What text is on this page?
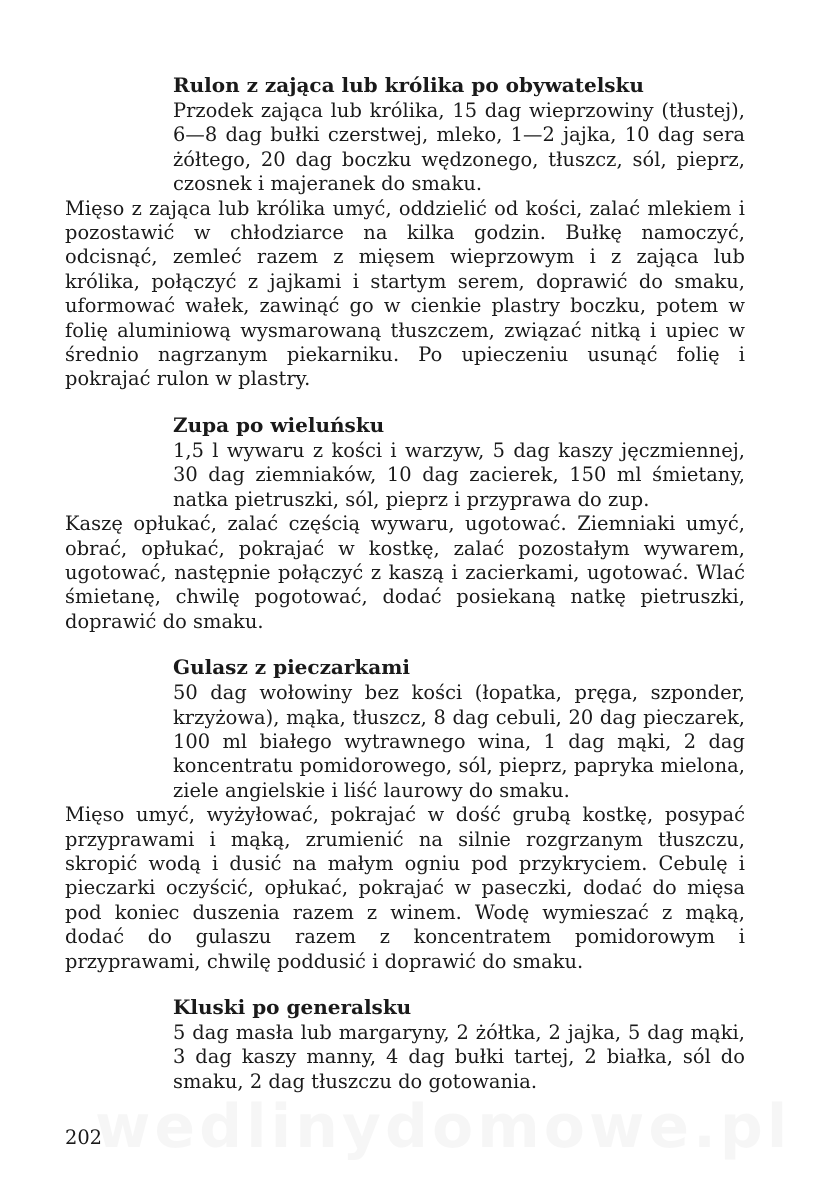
Rulon z zająca lub królika po obywatelsku

Przodek zająca lub królika, 15 dag wieprzowiny (tłustej), 6—8 dag bułki czerstwej, mleko, 1—2 jajka, 10 dag sera żółtego, 20 dag boczku wędzonego, tłuszcz, sól, pieprz, czosnek i majeranek do smaku.

Mięso z zająca lub królika umyć, oddzielić od kości, zalać mlekiem i pozostawić w chłodziarce na kilka godzin. Bułkę namoczyć, odcisnąć, zemleć razem z mięsem wieprzowym i z zająca lub królika, połączyć z jajkami i startym serem, doprawić do smaku, uformować wałek, zawinąć go w cienkie plastry boczku, potem w folię aluminiową wysmarowaną tłuszczem, związać nitką i upiec w średnio nagrzanym piekarniku. Po upieczeniu usunąć folię i pokrajać rulon w plastry.

Zupa po wieluńsku

1,5 l wywaru z kości i warzyw, 5 dag kaszy jęczmiennej, 30 dag ziemniaków, 10 dag zacierek, 150 ml śmietany, natka pietruszki, sól, pieprz i przyprawa do zup.

Kaszę opłukać, zalać częścią wywaru, ugotować. Ziemniaki umyć, obrać, opłukać, pokrajać w kostkę, zalać pozostałym wywarem, ugotować, następnie połączyć z kaszą i zacierkami, ugotować. Wlać śmietanę, chwilę pogotować, dodać posiekaną natkę pietruszki, doprawić do smaku.

Gulasz z pieczarkami

50 dag wołowiny bez kości (łopatka, pręga, szponder, krzyżowa), mąka, tłuszcz, 8 dag cebuli, 20 dag pieczarek, 100 ml białego wytrawnego wina, 1 dag mąki, 2 dag koncentratu pomidorowego, sól, pieprz, papryka mielona, ziele angielskie i liść laurowy do smaku.

Mięso umyć, wyżyłować, pokrajać w dość grubą kostkę, posypać przyprawami i mąką, zrumienić na silnie rozgrzanym tłuszczu, skropić wodą i dusić na małym ogniu pod przykryciem. Cebulę i pieczarki oczyścić, opłukać, pokrajać w paseczki, dodać do mięsa pod koniec duszenia razem z winem. Wodę wymieszać z mąką, dodać do gulaszu razem z koncentratem pomidorowym i przyprawami, chwilę poddusić i doprawić do smaku.

Kluski po generalsku

5 dag masła lub margaryny, 2 żółtka, 2 jajka, 5 dag mąki, 3 dag kaszy manny, 4 dag bułki tartej, 2 białka, sól do smaku, 2 dag tłuszczu do gotowania.

202
